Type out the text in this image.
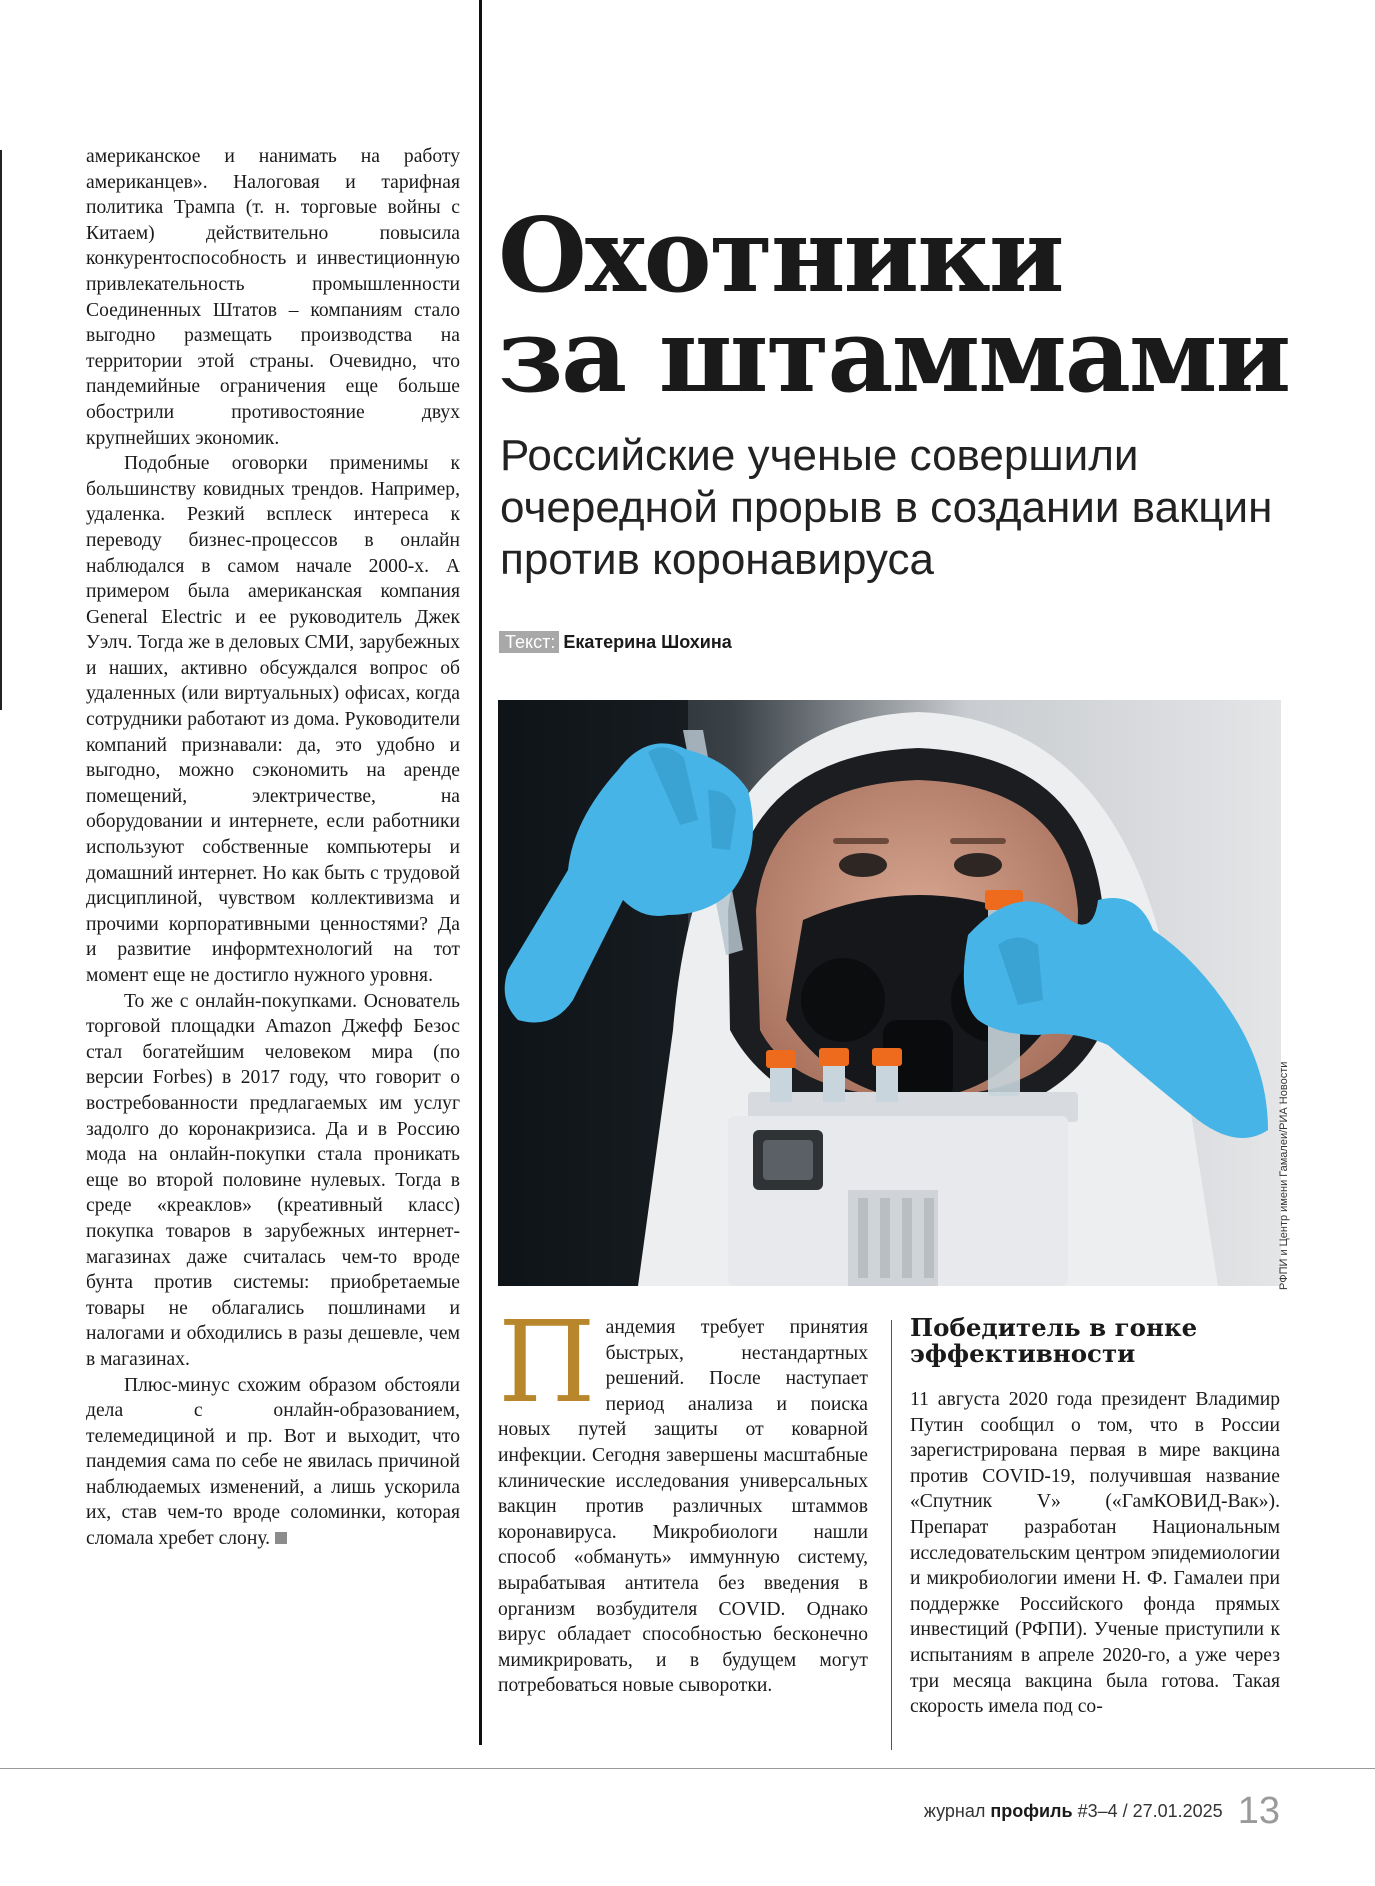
американское и нанимать на работу американцев». Налоговая и тарифная политика Трампа (т. н. торговые войны с Китаем) действительно повысила конкурентоспособность и инвестиционную привлекательность промышленности Соединенных Штатов – компаниям стало выгодно размещать производства на территории этой страны. Очевидно, что пандемийные ограничения еще больше обострили противостояние двух крупнейших экономик.

Подобные оговорки применимы к большинству ковидных трендов. Например, удаленка. Резкий всплеск интереса к переводу бизнес-процессов в онлайн наблюдался в самом начале 2000-х. А примером была американская компания General Electric и ее руководитель Джек Уэлч. Тогда же в деловых СМИ, зарубежных и наших, активно обсуждался вопрос об удаленных (или виртуальных) офисах, когда сотрудники работают из дома. Руководители компаний признавали: да, это удобно и выгодно, можно сэкономить на аренде помещений, электричестве, на оборудовании и интернете, если работники используют собственные компьютеры и домашний интернет. Но как быть с трудовой дисциплиной, чувством коллективизма и прочими корпоративными ценностями? Да и развитие информтехнологий на тот момент еще не достигло нужного уровня.

То же с онлайн-покупками. Основатель торговой площадки Amazon Джефф Безос стал богатейшим человеком мира (по версии Forbes) в 2017 году, что говорит о востребованности предлагаемых им услуг задолго до коронакризиса. Да и в Россию мода на онлайн-покупки стала проникать еще во второй половине нулевых. Тогда в среде «креаклов» (креативный класс) покупка товаров в зарубежных интернет-магазинах даже считалась чем-то вроде бунта против системы: приобретаемые товары не облагались пошлинами и налогами и обходились в разы дешевле, чем в магазинах.

Плюс-минус схожим образом обстояли дела с онлайн-образованием, телемедициной и пр. Вот и выходит, что пандемия сама по себе не явилась причиной наблюдаемых изменений, а лишь ускорила их, став чем-то вроде соломинки, которая сломала хребет слону.

Охотники
за штаммами
Российские ученые совершили очередной прорыв в создании вакцин против коронавируса
Текст: Екатерина Шохина
РФПИ и Центр имени Гамалеи/РИА Новости

Пандемия требует принятия быстрых, нестандартных решений. После наступает период анализа и поиска новых путей защиты от коварной инфекции. Сегодня завершены масштабные клинические исследования универсальных вакцин против различных штаммов коронавируса. Микробиологи нашли способ «обмануть» иммунную систему, вырабатывая антитела без введения в организм возбудителя COVID. Однако вирус обладает способностью бесконечно мимикрировать, и в будущем могут потребоваться новые сыворотки.

Победитель в гонке эффективности

11 августа 2020 года президент Владимир Путин сообщил о том, что в России зарегистрирована первая в мире вакцина против COVID-19, получившая название «Спутник V» («ГамКОВИД-Вак»). Препарат разработан Национальным исследовательским центром эпидемиологии и микробиологии имени Н. Ф. Гамалеи при поддержке Российского фонда прямых инвестиций (РФПИ). Ученые приступили к испытаниям в апреле 2020-го, а уже через три месяца вакцина была готова. Такая скорость имела под со-

журнал профиль #3–4 / 27.01.2025 13
